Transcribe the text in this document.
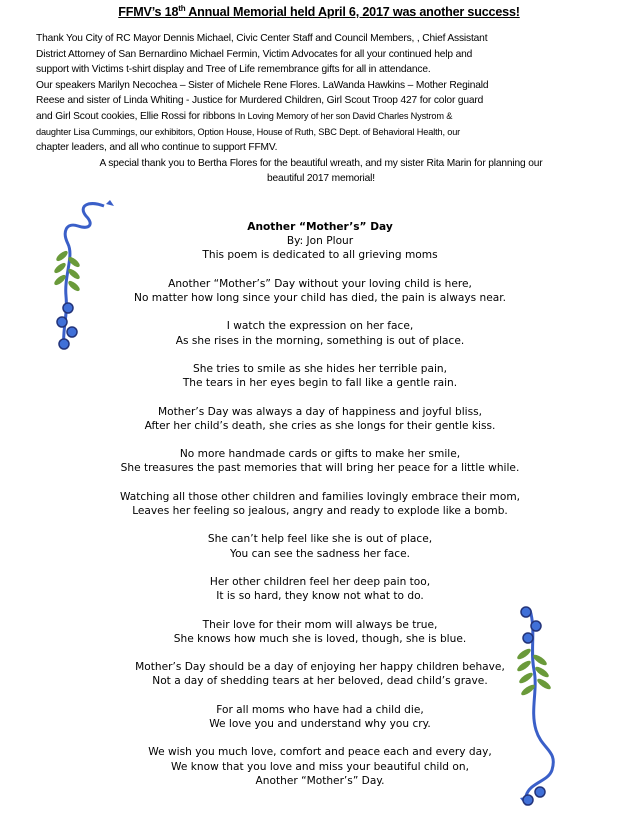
FFMV’s 18th Annual Memorial held April 6, 2017 was another success!
Thank You City of RC Mayor Dennis Michael, Civic Center Staff and Council Members, , Chief Assistant
District Attorney of San Bernardino Michael Fermin, Victim Advocates for all your continued help and
support with Victims t-shirt display and Tree of Life remembrance gifts for all in attendance.
Our speakers Marilyn Necochea – Sister of Michele Rene Flores. LaWanda Hawkins – Mother Reginald
Reese and sister of Linda Whiting - Justice for Murdered Children, Girl Scout Troop 427 for color guard
and Girl Scout cookies, Ellie Rossi for ribbons In Loving Memory of her son David Charles Nystrom &
daughter Lisa Cummings, our exhibitors, Option House, House of Ruth, SBC Dept. of Behavioral Health, our
chapter leaders, and all who continue to support FFMV.
A special thank you to Bertha Flores for the beautiful wreath, and my sister Rita Marin for planning our
beautiful 2017 memorial!
Another “Mother’s” Day
By: Jon Plour
This poem is dedicated to all grieving moms
Another “Mother’s” Day without your loving child is here,
No matter how long since your child has died, the pain is always near.
I watch the expression on her face,
As she rises in the morning, something is out of place.
She tries to smile as she hides her terrible pain,
The tears in her eyes begin to fall like a gentle rain.
Mother’s Day was always a day of happiness and joyful bliss,
After her child’s death, she cries as she longs for their gentle kiss.
No more handmade cards or gifts to make her smile,
She treasures the past memories that will bring her peace for a little while.
Watching all those other children and families lovingly embrace their mom,
Leaves her feeling so jealous, angry and ready to explode like a bomb.
She can’t help feel like she is out of place,
You can see the sadness her face.
Her other children feel her deep pain too,
It is so hard, they know not what to do.
Their love for their mom will always be true,
She knows how much she is loved, though, she is blue.
Mother’s Day should be a day of enjoying her happy children behave,
Not a day of shedding tears at her beloved, dead child’s grave.
For all moms who have had a child die,
We love you and understand why you cry.
We wish you much love, comfort and peace each and every day,
We know that you love and miss your beautiful child on,
Another “Mother’s” Day.
